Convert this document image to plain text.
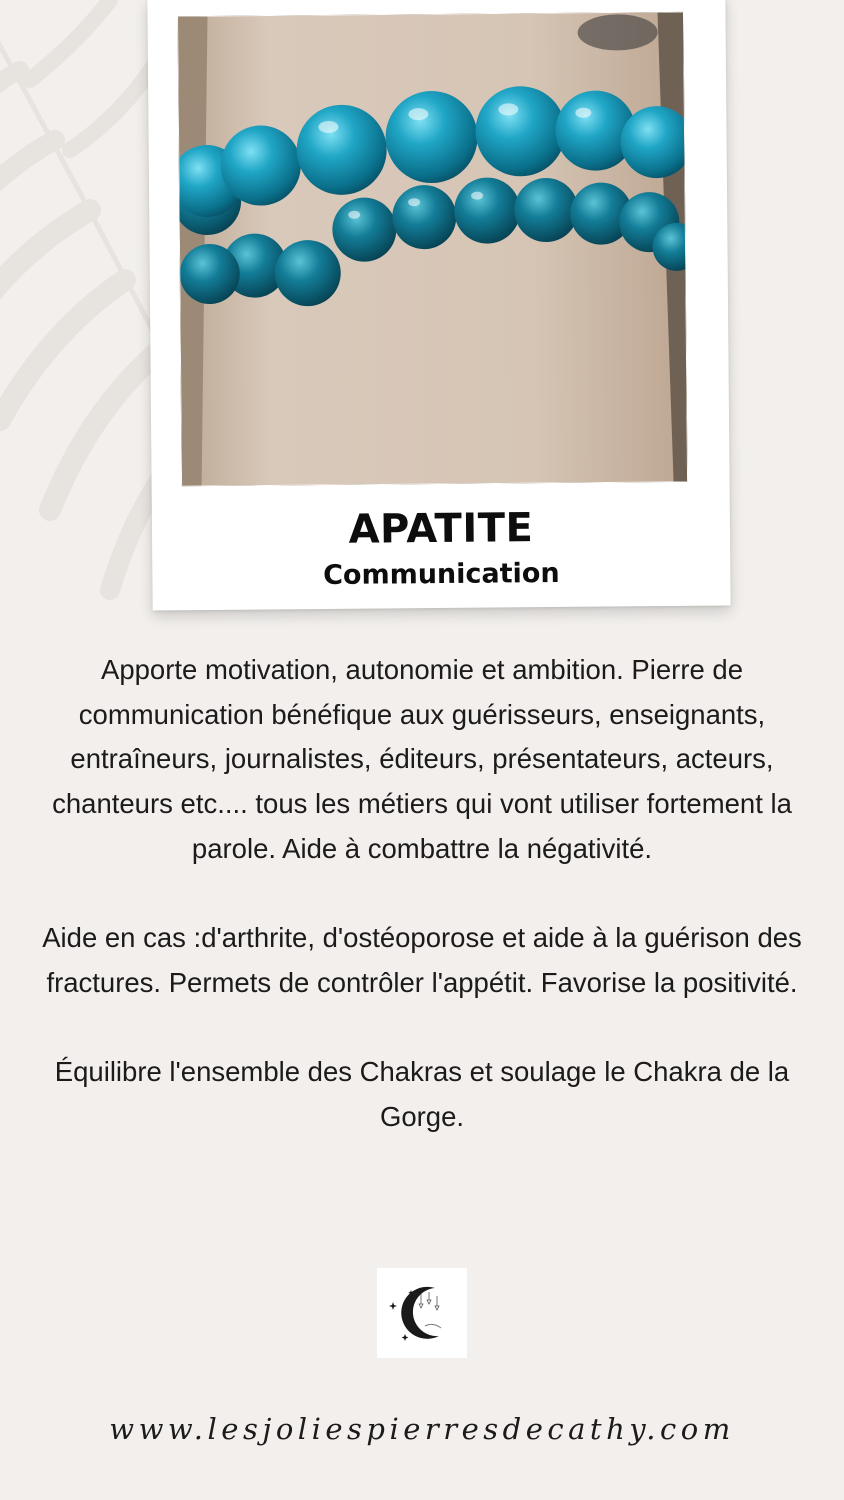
APATITE
Communication

Apporte motivation, autonomie et ambition. Pierre de communication bénéfique aux guérisseurs, enseignants, entraîneurs, journalistes, éditeurs, présentateurs, acteurs, chanteurs etc.... tous les métiers qui vont utiliser fortement la parole. Aide à combattre la négativité.

Aide en cas :d'arthrite, d'ostéoporose et aide à la guérison des fractures. Permets de contrôler l'appétit. Favorise la positivité.

Équilibre l'ensemble des Chakras et soulage le Chakra de la Gorge.

www.lesjoliespierresdecathy.com
